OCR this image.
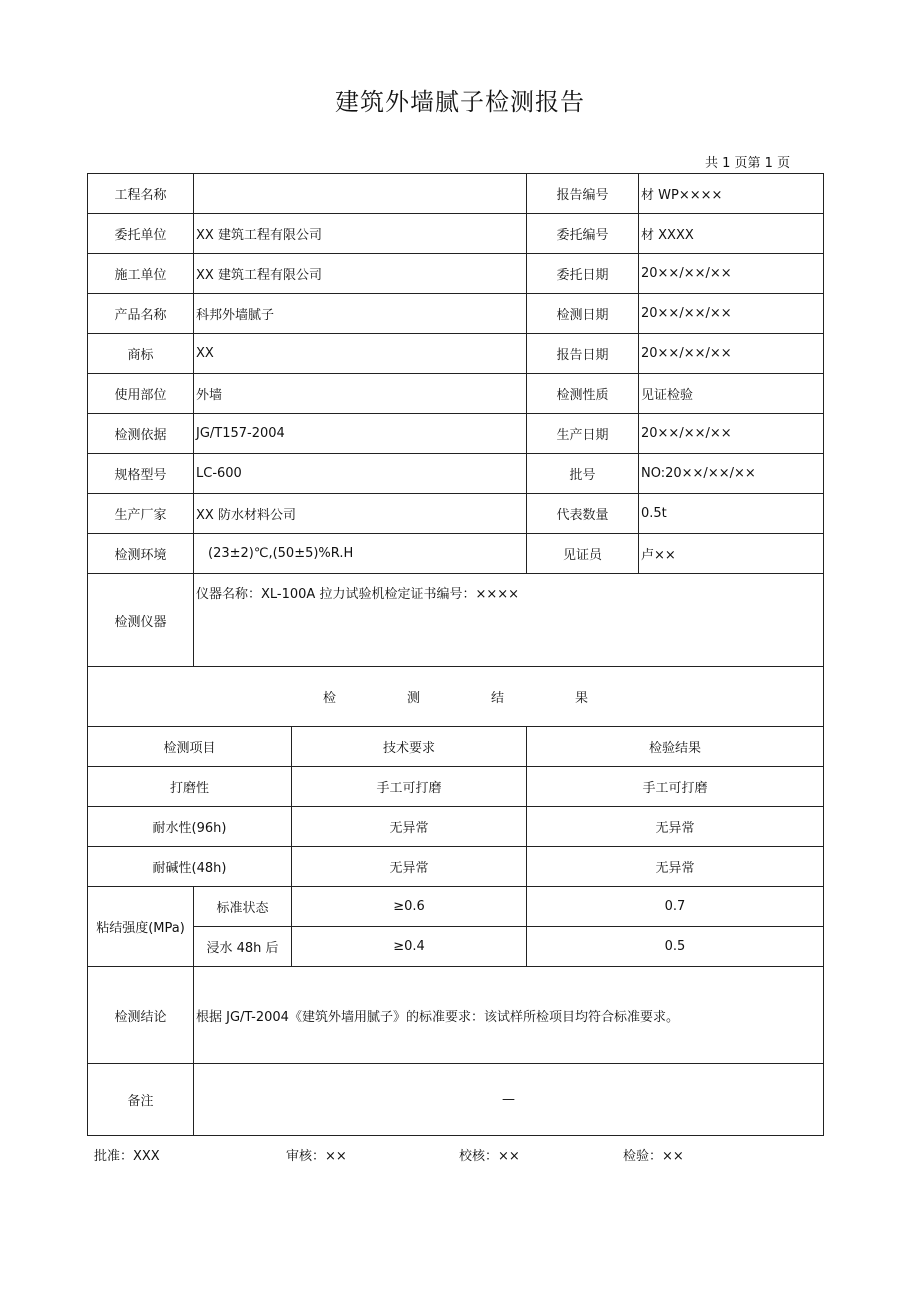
建筑外墙腻子检测报告
共 1 页第 1 页
工程名称			报告编号	材 WP××××
委托单位	XX 建筑工程有限公司		委托编号	材 XXXX
施工单位	XX 建筑工程有限公司		委托日期	20××/××/××
产品名称	科邦外墙腻子		检测日期	20××/××/××
商标	XX		报告日期	20××/××/××
使用部位	外墙		检测性质	见证检验
检测依据	JG/T157-2004		生产日期	20××/××/××
规格型号	LC-600		批号	NO:20××/××/××
生产厂家	XX 防水材料公司		代表数量	0.5t
检测环境	(23±2)℃,(50±5)%R.H		见证员	卢××
检测仪器	仪器名称：XL-100A 拉力试验机检定证书编号：××××			
检 测 结 果				
检测项目		技术要求	检验结果	
打磨性		手工可打磨	手工可打磨	
耐水性(96h)		无异常	无异常	
耐碱性(48h)		无异常	无异常	
粘结强度(MPa)	标准状态	≥0.6	0.7	
	浸水 48h 后	≥0.4	0.5	
检测结论	根据 JG/T-2004《建筑外墙用腻子》的标准要求：该试样所检项目均符合标准要求。			
备注	—			
批准：XXX	审核：××	校核：××	检验：××
